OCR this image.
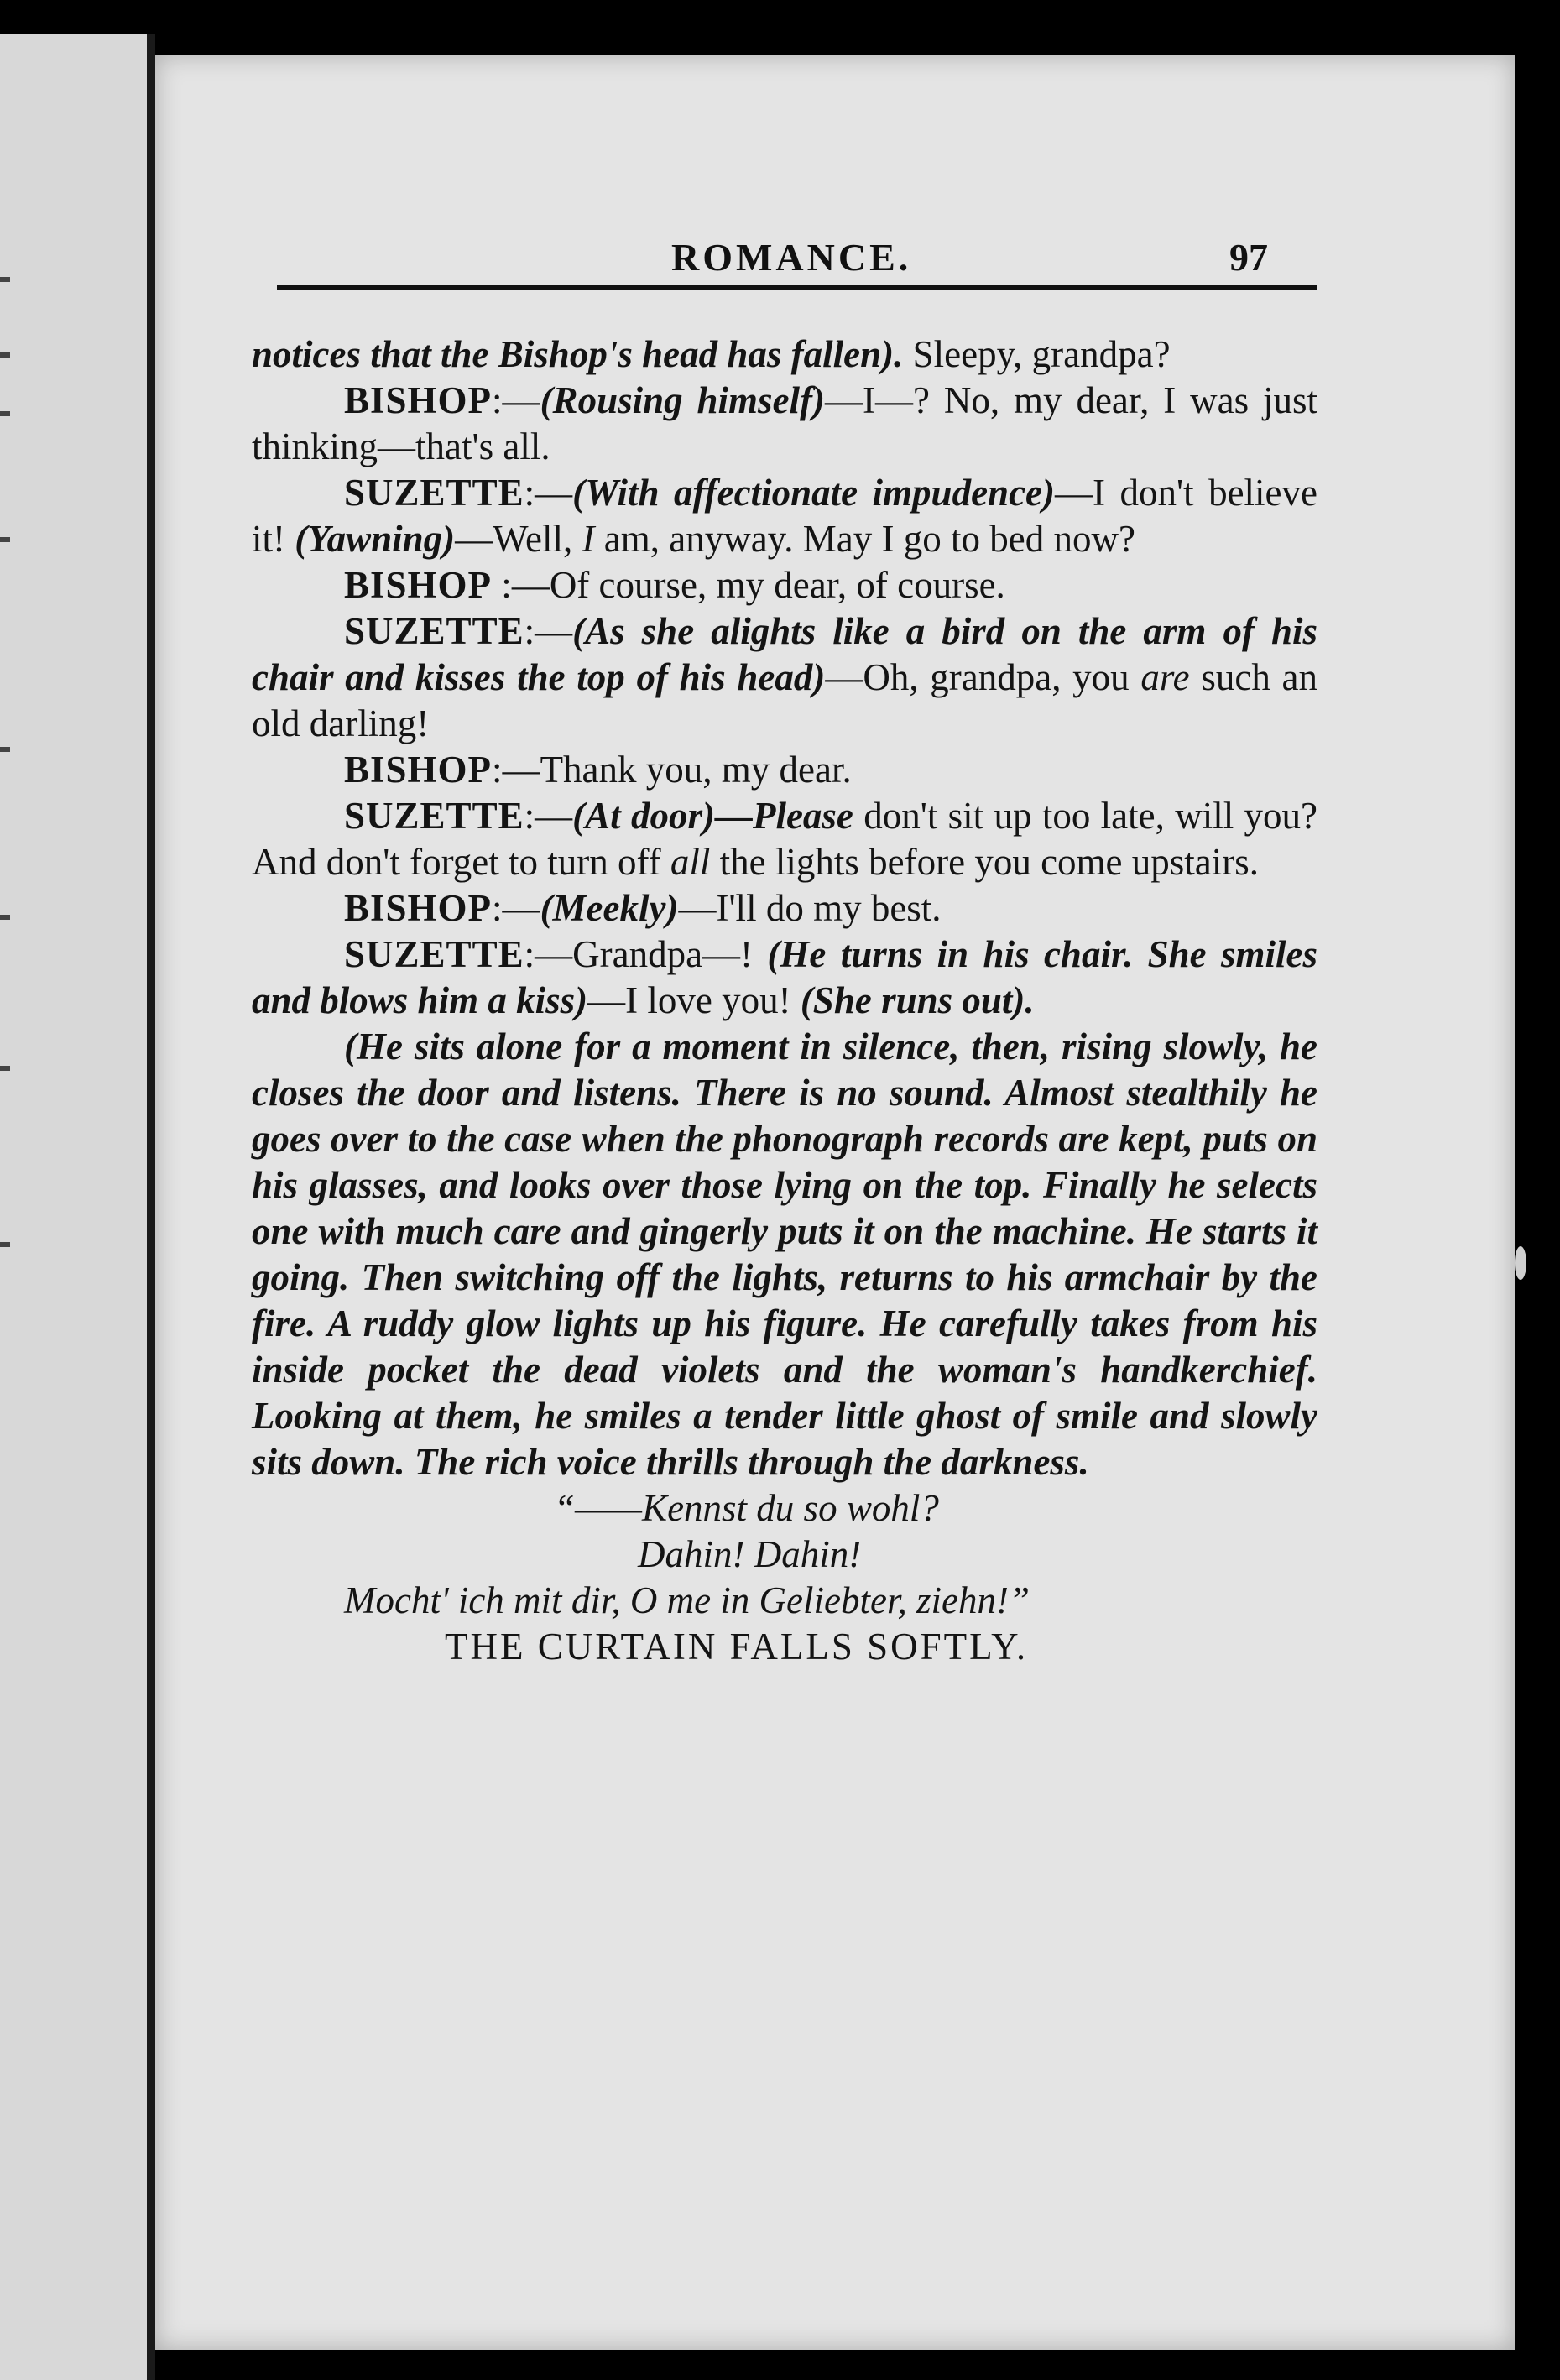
ROMANCE.	97

notices that the Bishop's head has fallen). Sleepy, grandpa?

BISHOP:—(Rousing himself)—I—? No, my dear, I was just thinking—that's all.

SUZETTE:—(With affectionate impudence)—I don't believe it! (Yawning)—Well, I am, anyway. May I go to bed now?

BISHOP :—Of course, my dear, of course.

SUZETTE:—(As she alights like a bird on the arm of his chair and kisses the top of his head)—Oh, grandpa, you are such an old darling!

BISHOP:—Thank you, my dear.

SUZETTE:—(At door)—Please don't sit up too late, will you? And don't forget to turn off all the lights before you come upstairs.

BISHOP:—(Meekly)—I'll do my best.

SUZETTE:—Grandpa—! (He turns in his chair. She smiles and blows him a kiss)—I love you! (She runs out).

(He sits alone for a moment in silence, then, rising slowly, he closes the door and listens. There is no sound. Almost stealthily he goes over to the case when the phonograph records are kept, puts on his glasses, and looks over those lying on the top. Finally he selects one with much care and gingerly puts it on the machine. He starts it going. Then switching off the lights, returns to his armchair by the fire. A ruddy glow lights up his figure. He carefully takes from his inside pocket the dead violets and the woman's handkerchief. Looking at them, he smiles a tender little ghost of smile and slowly sits down. The rich voice thrills through the darkness.

“——Kennst du so wohl?
Dahin! Dahin!
Mocht' ich mit dir, O me in Geliebter, ziehn!”
THE CURTAIN FALLS SOFTLY.
